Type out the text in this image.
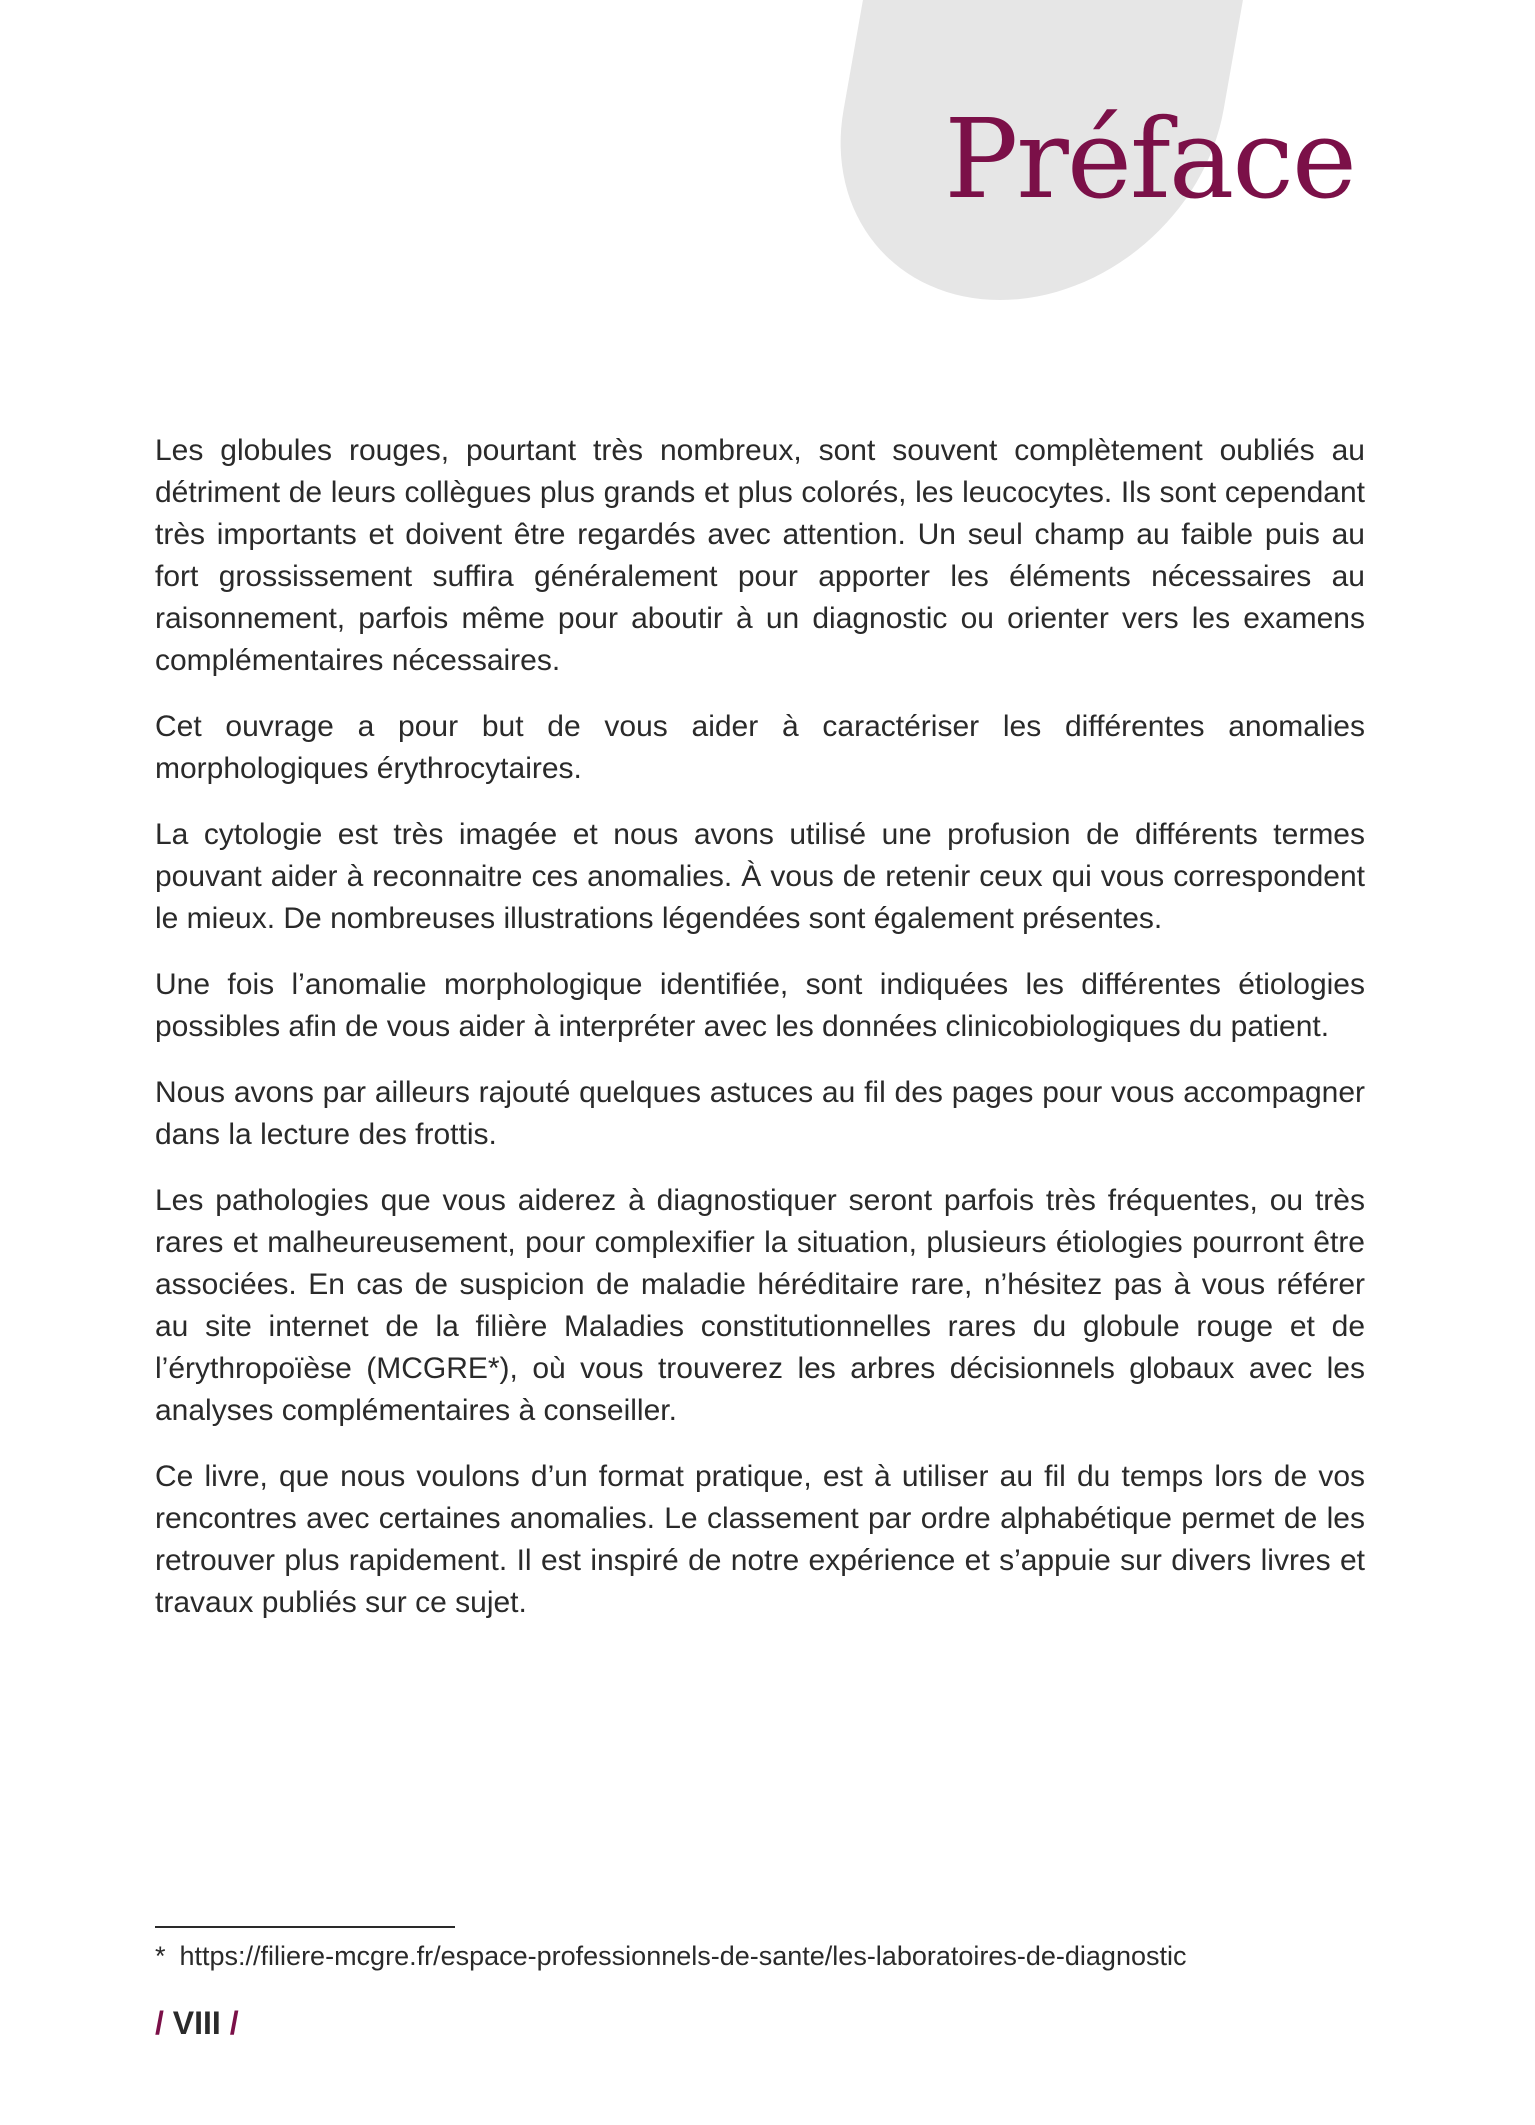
Préface

Les globules rouges, pourtant très nombreux, sont souvent complètement oubliés au détriment de leurs collègues plus grands et plus colorés, les leucocytes. Ils sont cependant très importants et doivent être regardés avec attention. Un seul champ au faible puis au fort grossissement suffira généralement pour apporter les éléments nécessaires au raisonnement, parfois même pour aboutir à un diagnostic ou orienter vers les examens complémentaires nécessaires.

Cet ouvrage a pour but de vous aider à caractériser les différentes anomalies morphologiques érythrocytaires.

La cytologie est très imagée et nous avons utilisé une profusion de différents termes pouvant aider à reconnaitre ces anomalies. À vous de retenir ceux qui vous correspondent le mieux. De nombreuses illustrations légendées sont également présentes.

Une fois l’anomalie morphologique identifiée, sont indiquées les différentes étiologies possibles afin de vous aider à interpréter avec les données clinicobiologiques du patient.

Nous avons par ailleurs rajouté quelques astuces au fil des pages pour vous accompagner dans la lecture des frottis.

Les pathologies que vous aiderez à diagnostiquer seront parfois très fréquentes, ou très rares et malheureusement, pour complexifier la situation, plusieurs étiologies pourront être associées. En cas de suspicion de maladie héréditaire rare, n’hésitez pas à vous référer au site internet de la filière Maladies constitutionnelles rares du globule rouge et de l’érythropoïèse (MCGRE*), où vous trouverez les arbres décisionnels globaux avec les analyses complémentaires à conseiller.

Ce livre, que nous voulons d’un format pratique, est à utiliser au fil du temps lors de vos rencontres avec certaines anomalies. Le classement par ordre alphabétique permet de les retrouver plus rapidement. Il est inspiré de notre expérience et s’appuie sur divers livres et travaux publiés sur ce sujet.

* https://filiere-mcgre.fr/espace-professionnels-de-sante/les-laboratoires-de-diagnostic
/ VIII /
